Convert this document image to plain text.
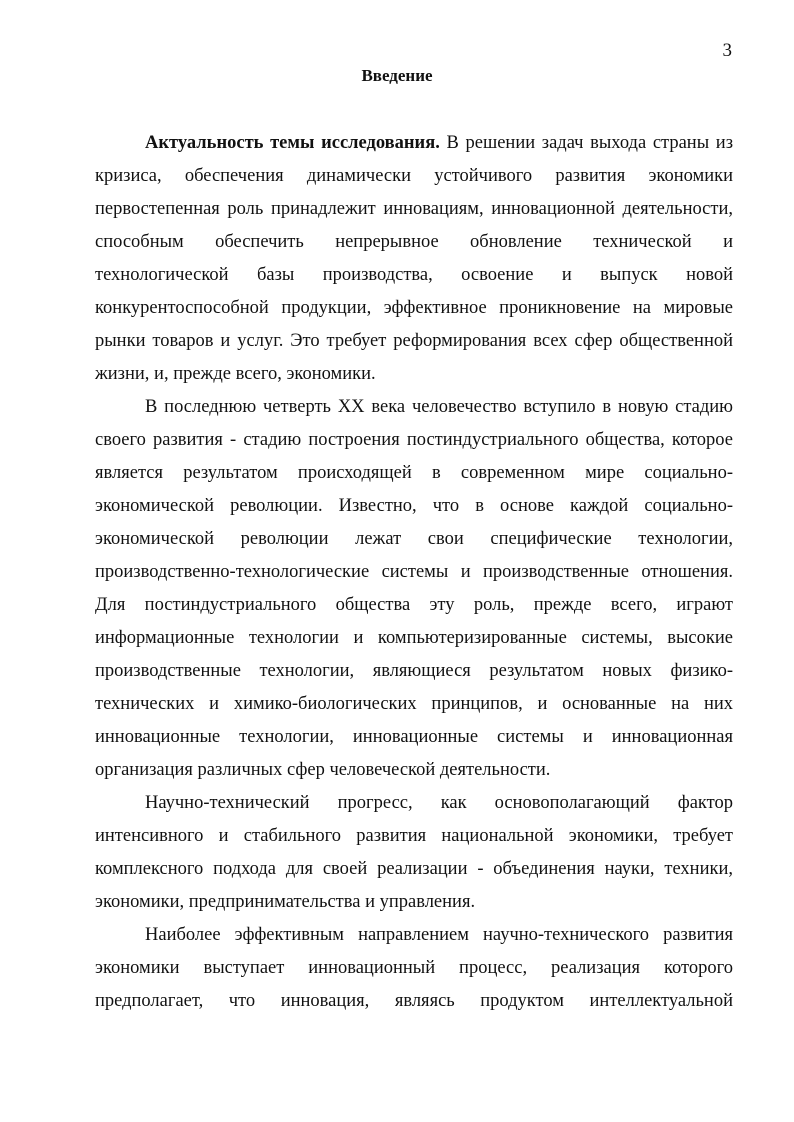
3
Введение

Актуальность темы исследования. В решении задач выхода страны из кризиса, обеспечения динамически устойчивого развития экономики первостепенная роль принадлежит инновациям, инновационной деятельности, способным обеспечить непрерывное обновление технической и технологической базы производства, освоение и выпуск новой конкурентоспособной продукции, эффективное проникновение на мировые рынки товаров и услуг. Это требует реформирования всех сфер общественной жизни, и, прежде всего, экономики.

В последнюю четверть XX века человечество вступило в новую стадию своего развития - стадию построения постиндустриального общества, которое является результатом происходящей в современном мире социально-экономической революции. Известно, что в основе каждой социально-экономической революции лежат свои специфические технологии, производственно-технологические системы и производственные отношения. Для постиндустриального общества эту роль, прежде всего, играют информационные технологии и компьютеризированные системы, высокие производственные технологии, являющиеся результатом новых физико-технических и химико-биологических принципов, и основанные на них инновационные технологии, инновационные системы и инновационная организация различных сфер человеческой деятельности.

Научно-технический прогресс, как основополагающий фактор интенсивного и стабильного развития национальной экономики, требует комплексного подхода для своей реализации - объединения науки, техники, экономики, предпринимательства и управления.

Наиболее эффективным направлением научно-технического развития экономики выступает инновационный процесс, реализация которого предполагает, что инновация, являясь продуктом интеллектуальной
